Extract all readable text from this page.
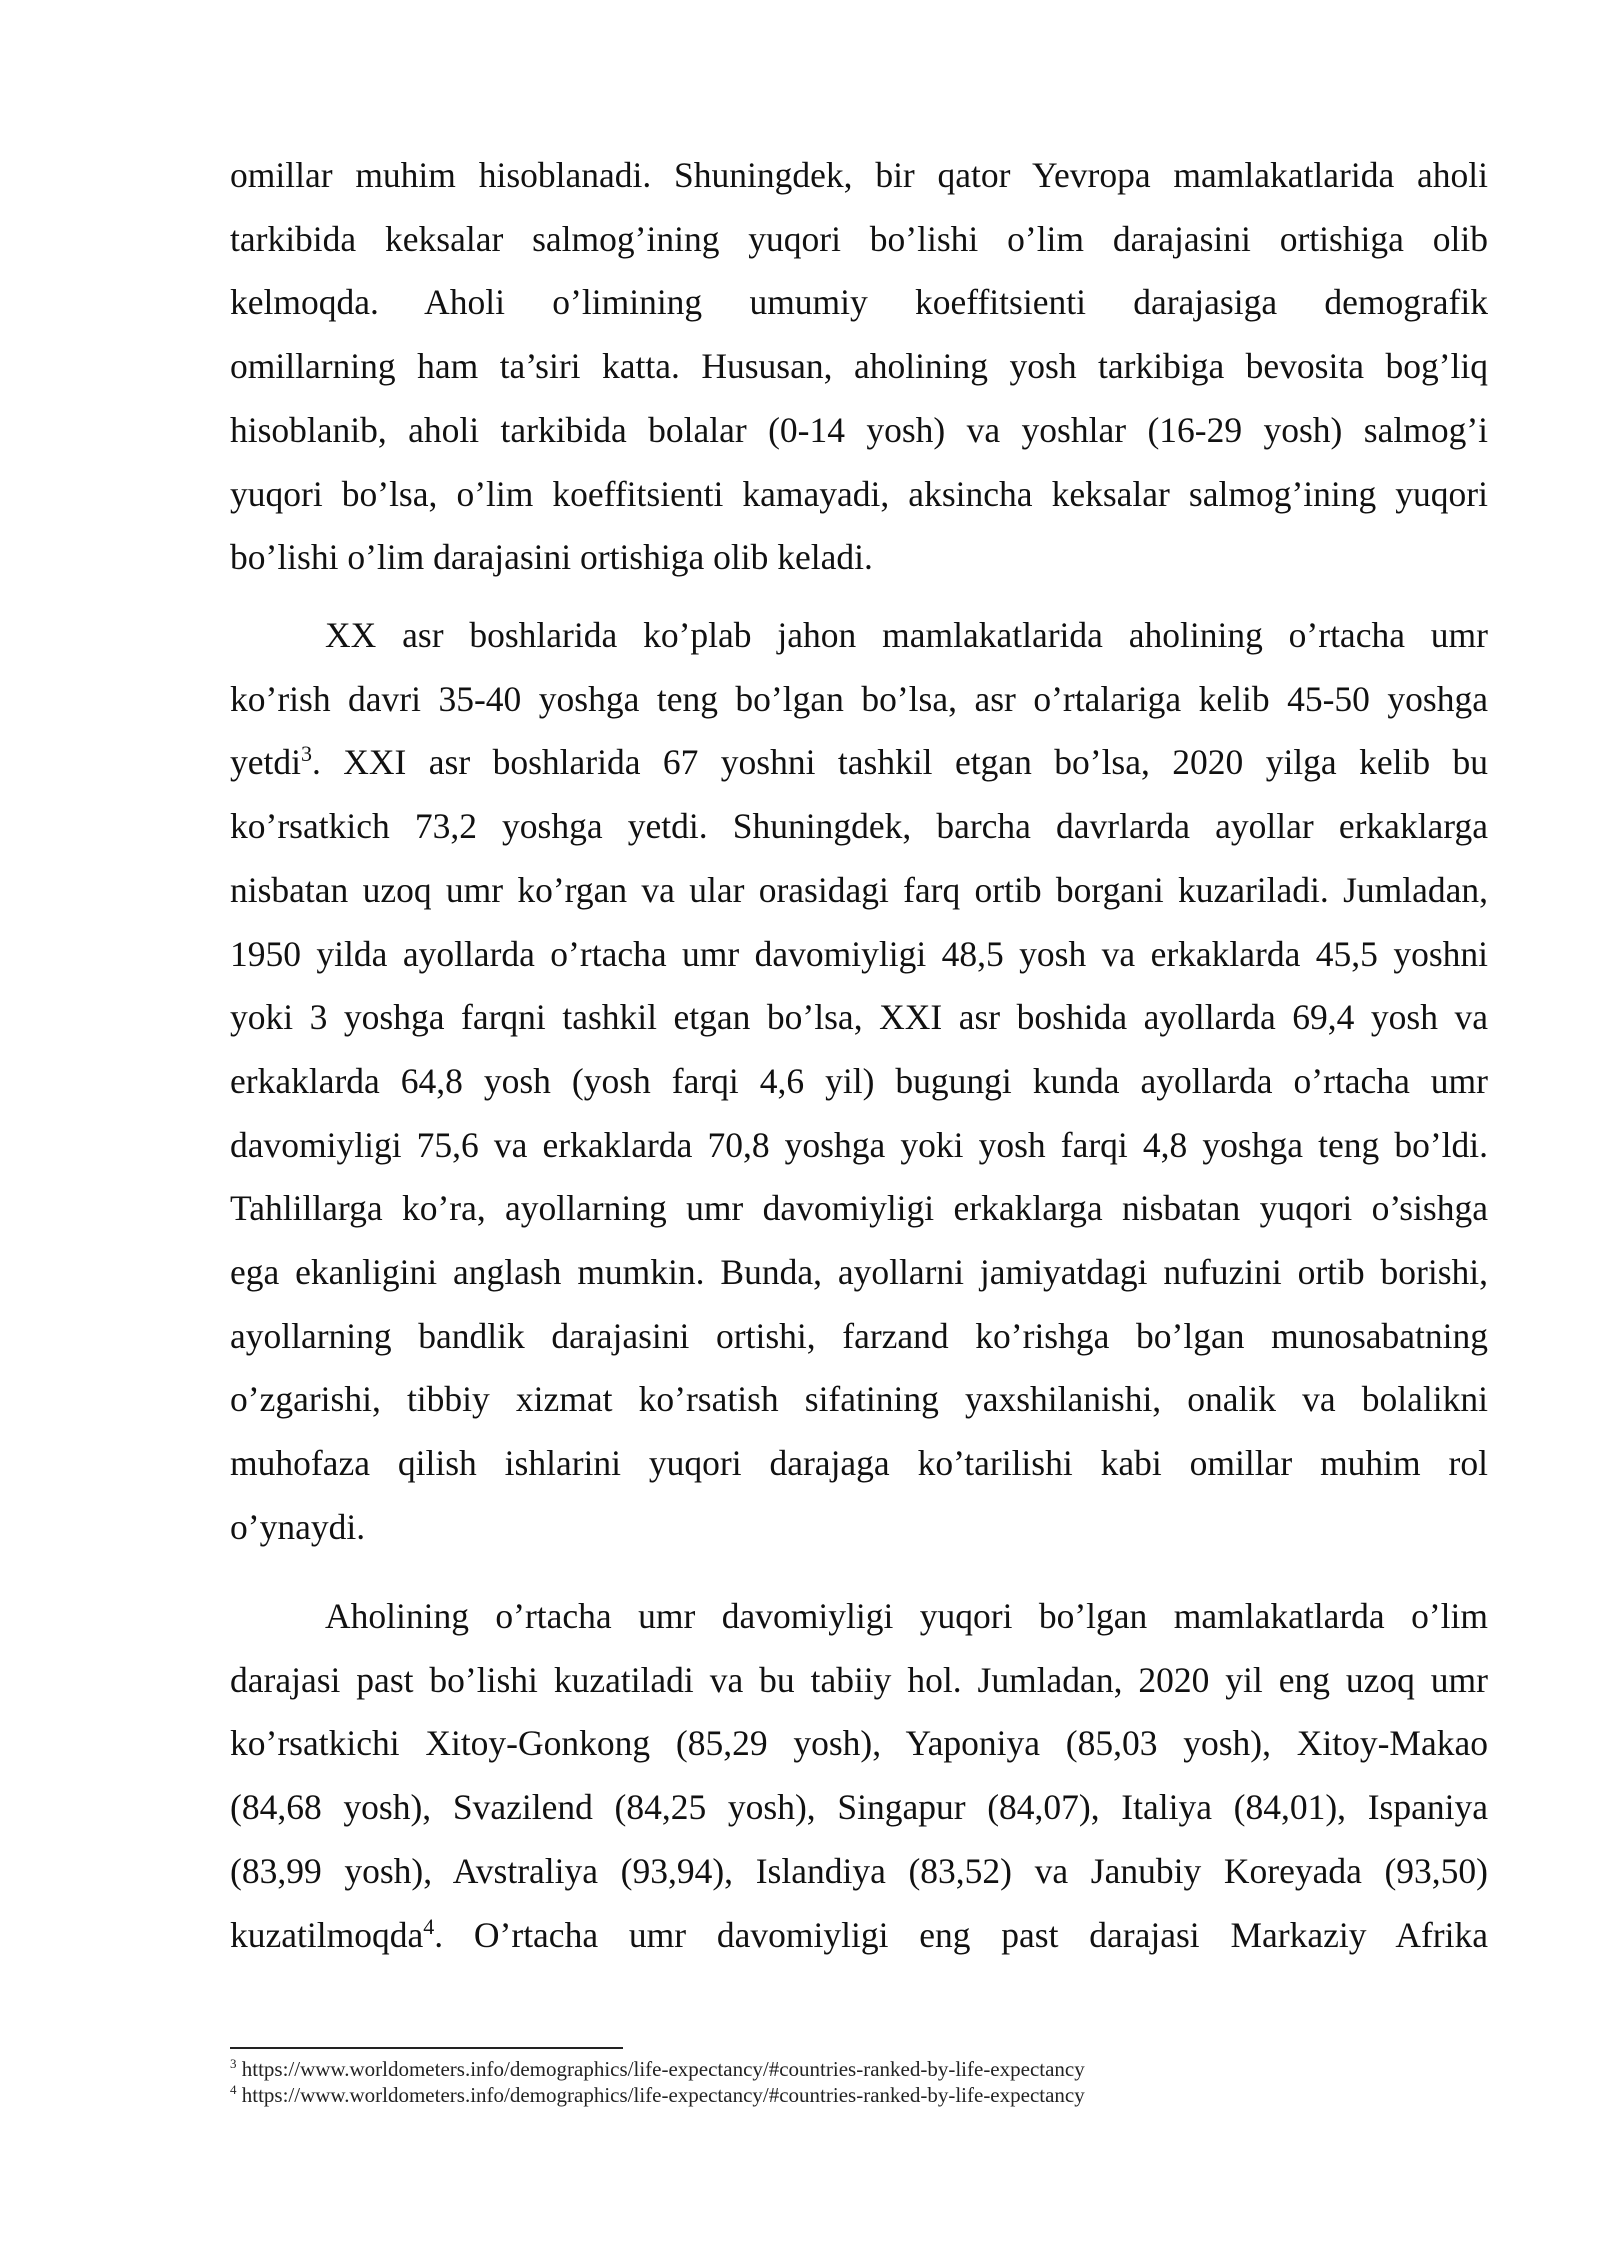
omillar muhim hisoblanadi. Shuningdek, bir qator Yevropa mamlakatlarida aholi
tarkibida keksalar salmog’ining yuqori bo’lishi o’lim darajasini ortishiga olib
kelmoqda. Aholi o’limining umumiy koeffitsienti darajasiga demografik
omillarning ham ta’siri katta. Hususan, aholining yosh tarkibiga bevosita bog’liq
hisoblanib, aholi tarkibida bolalar (0-14 yosh) va yoshlar (16-29 yosh) salmog’i
yuqori bo’lsa, o’lim koeffitsienti kamayadi, aksincha keksalar salmog’ining yuqori
bo’lishi o’lim darajasini ortishiga olib keladi.
XX asr boshlarida ko’plab jahon mamlakatlarida aholining o’rtacha umr
ko’rish davri 35-40 yoshga teng bo’lgan bo’lsa, asr o’rtalariga kelib 45-50 yoshga
yetdi$^3$. XXI asr boshlarida 67 yoshni tashkil etgan bo’lsa, 2020 yilga kelib bu
ko’rsatkich 73,2 yoshga yetdi. Shuningdek, barcha davrlarda ayollar erkaklarga
nisbatan uzoq umr ko’rgan va ular orasidagi farq ortib borgani kuzariladi. Jumladan,
1950 yilda ayollarda o’rtacha umr davomiyligi 48,5 yosh va erkaklarda 45,5 yoshni
yoki 3 yoshga farqni tashkil etgan bo’lsa, XXI asr boshida ayollarda 69,4 yosh va
erkaklarda 64,8 yosh (yosh farqi 4,6 yil) bugungi kunda ayollarda o’rtacha umr
davomiyligi 75,6 va erkaklarda 70,8 yoshga yoki yosh farqi 4,8 yoshga teng bo’ldi.
Tahlillarga ko’ra, ayollarning umr davomiyligi erkaklarga nisbatan yuqori o’sishga
ega ekanligini anglash mumkin. Bunda, ayollarni jamiyatdagi nufuzini ortib borishi,
ayollarning bandlik darajasini ortishi, farzand ko’rishga bo’lgan munosabatning
o’zgarishi, tibbiy xizmat ko’rsatish sifatining yaxshilanishi, onalik va bolalikni
muhofaza qilish ishlarini yuqori darajaga ko’tarilishi kabi omillar muhim rol
o’ynaydi.
Aholining o’rtacha umr davomiyligi yuqori bo’lgan mamlakatlarda o’lim
darajasi past bo’lishi kuzatiladi va bu tabiiy hol. Jumladan, 2020 yil eng uzoq umr
ko’rsatkichi Xitoy-Gonkong (85,29 yosh), Yaponiya (85,03 yosh), Xitoy-Makao
(84,68 yosh), Svazilend (84,25 yosh), Singapur (84,07), Italiya (84,01), Ispaniya
(83,99 yosh), Avstraliya (93,94), Islandiya (83,52) va Janubiy Koreyada (93,50)
kuzatilmoqda$^4$. O’rtacha umr davomiyligi eng past darajasi Markaziy Afrika
$^3$ https://www.worldometers.info/demographics/life-expectancy/#countries-ranked-by-life-expectancy
$^4$ https://www.worldometers.info/demographics/life-expectancy/#countries-ranked-by-life-expectancy
